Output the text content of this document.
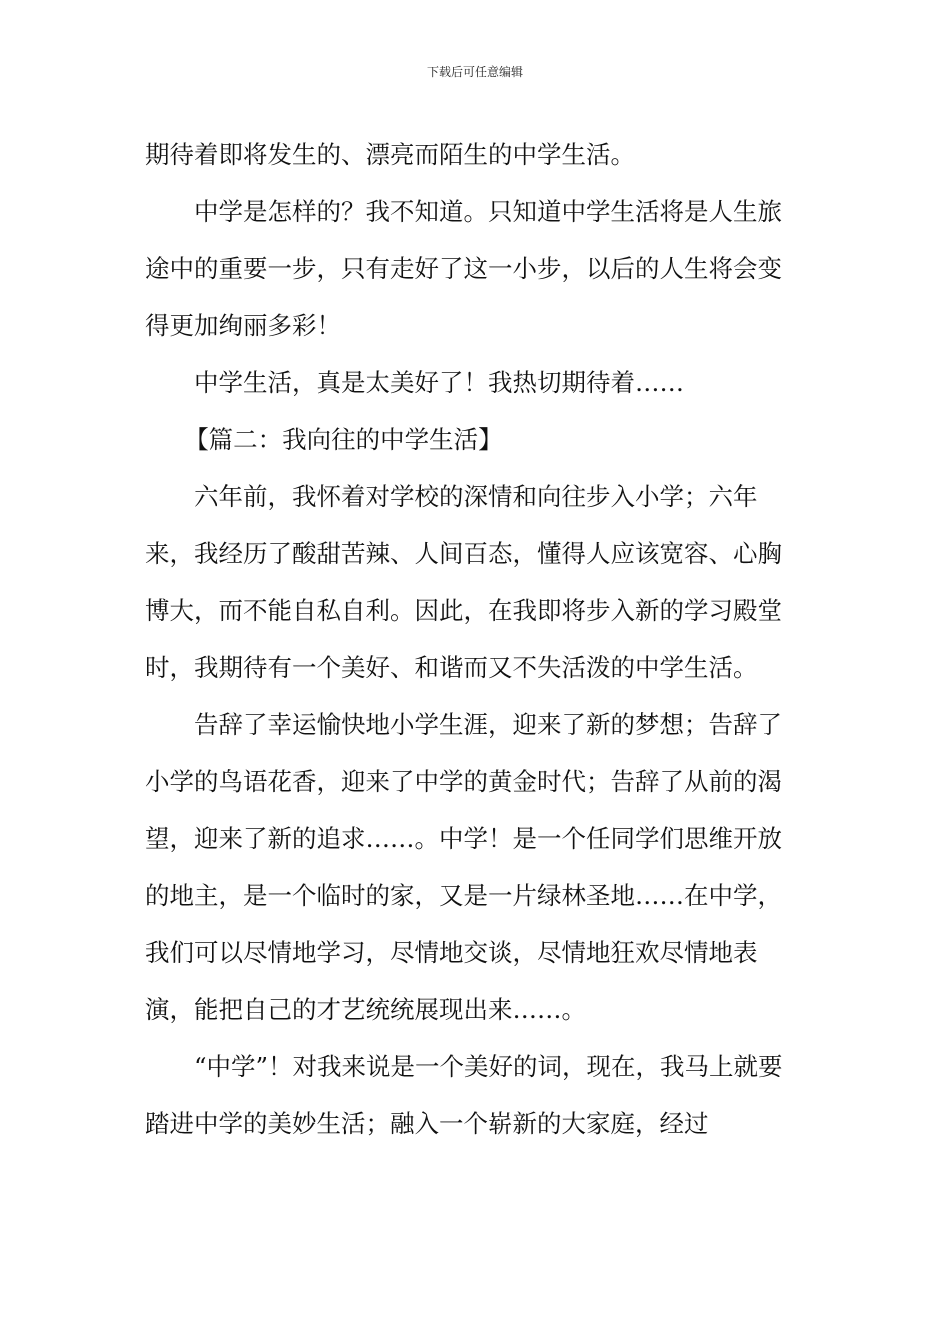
下载后可任意编辑

期待着即将发生的、漂亮而陌生的中学生活。

中学是怎样的？我不知道。只知道中学生活将是人生旅途中的重要一步，只有走好了这一小步，以后的人生将会变得更加绚丽多彩！

中学生活，真是太美好了！我热切期待着……

【篇二：我向往的中学生活】

六年前，我怀着对学校的深情和向往步入小学；六年来，我经历了酸甜苦辣、人间百态，懂得人应该宽容、心胸博大，而不能自私自利。因此，在我即将步入新的学习殿堂时，我期待有一个美好、和谐而又不失活泼的中学生活。

告辞了幸运愉快地小学生涯，迎来了新的梦想；告辞了小学的鸟语花香，迎来了中学的黄金时代；告辞了从前的渴望，迎来了新的追求……。中学！是一个任同学们思维开放的地主，是一个临时的家，又是一片绿林圣地……在中学，我们可以尽情地学习，尽情地交谈，尽情地狂欢尽情地表演，能把自己的才艺统统展现出来……。

“中学”！对我来说是一个美好的词，现在，我马上就要踏进中学的美妙生活；融入一个崭新的大家庭，经过
